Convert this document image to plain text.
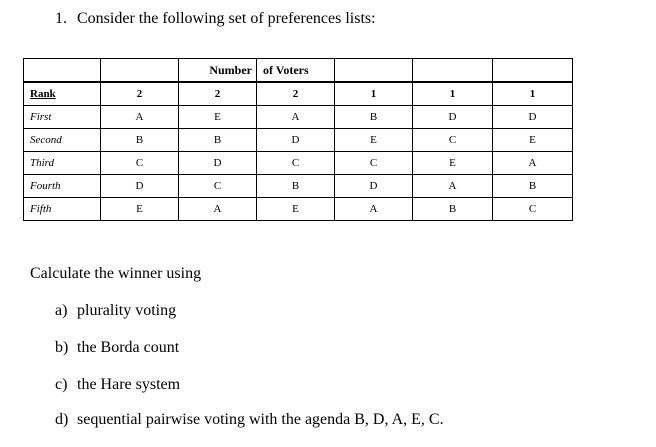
1. Consider the following set of preferences lists:
		Number	of Voters			
Rank	2	2	2	1	1	1
First	A	E	A	B	D	D
Second	B	B	D	E	C	E
Third	C	D	C	C	E	A
Fourth	D	C	B	D	A	B
Fifth	E	A	E	A	B	C
Calculate the winner using
a) plurality voting
b) the Borda count
c) the Hare system
d) sequential pairwise voting with the agenda B, D, A, E, C.
